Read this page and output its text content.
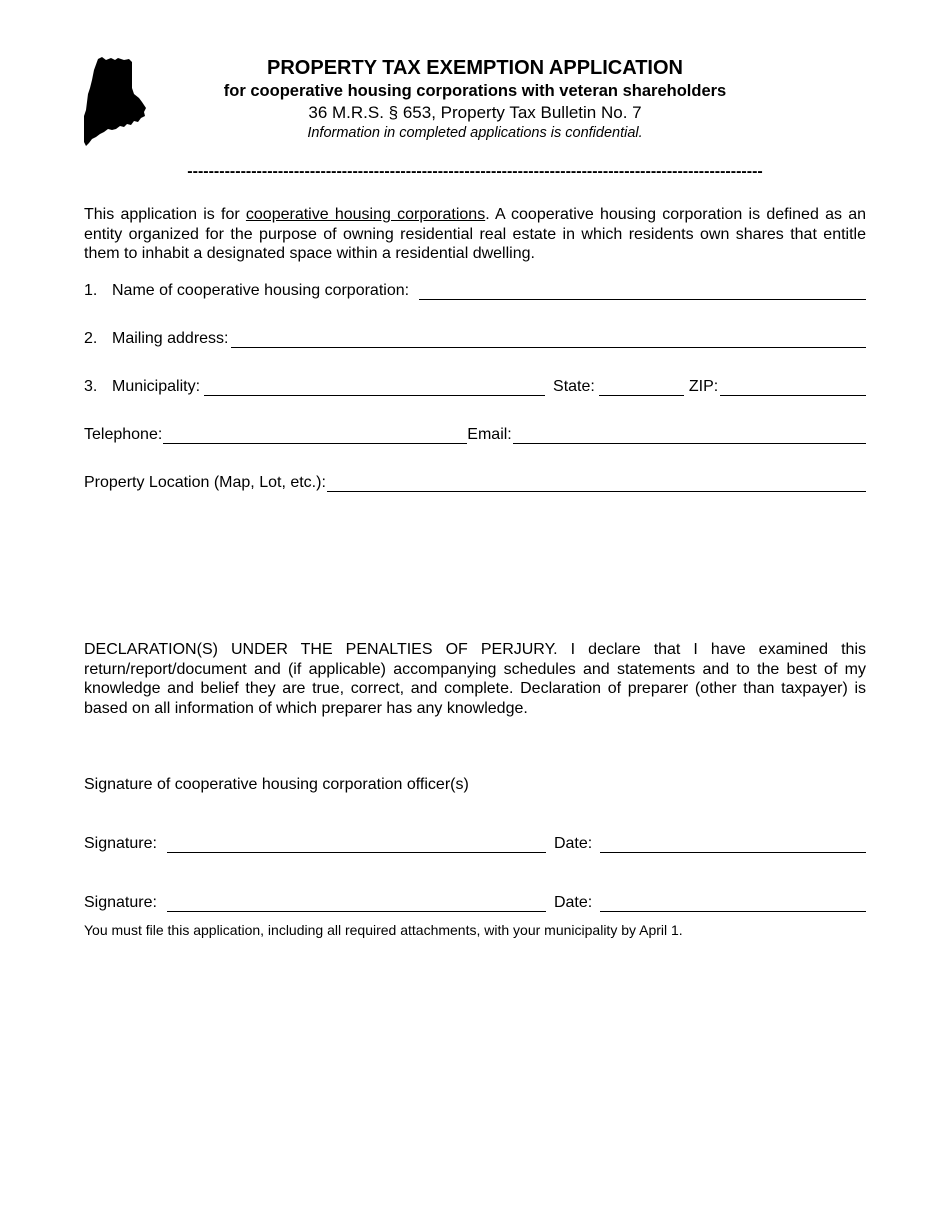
PROPERTY TAX EXEMPTION APPLICATION
for cooperative housing corporations with veteran shareholders
36 M.R.S. § 653, Property Tax Bulletin No. 7
Information in completed applications is confidential.
------------------------------------------------------------------------------------------------------------
This application is for cooperative housing corporations. A cooperative housing corporation is defined as an entity organized for the purpose of owning residential real estate in which residents own shares that entitle them to inhabit a designated space within a residential dwelling.
1. Name of cooperative housing corporation:
2. Mailing address:
3. Municipality:	State:	ZIP:
Telephone:	Email:
Property Location (Map, Lot, etc.):
DECLARATION(S) UNDER THE PENALTIES OF PERJURY. I declare that I have examined this return/report/document and (if applicable) accompanying schedules and statements and to the best of my knowledge and belief they are true, correct, and complete. Declaration of preparer (other than taxpayer) is based on all information of which preparer has any knowledge.
Signature of cooperative housing corporation officer(s)
Signature:	Date:
Signature:	Date:
You must file this application, including all required attachments, with your municipality by April 1.
